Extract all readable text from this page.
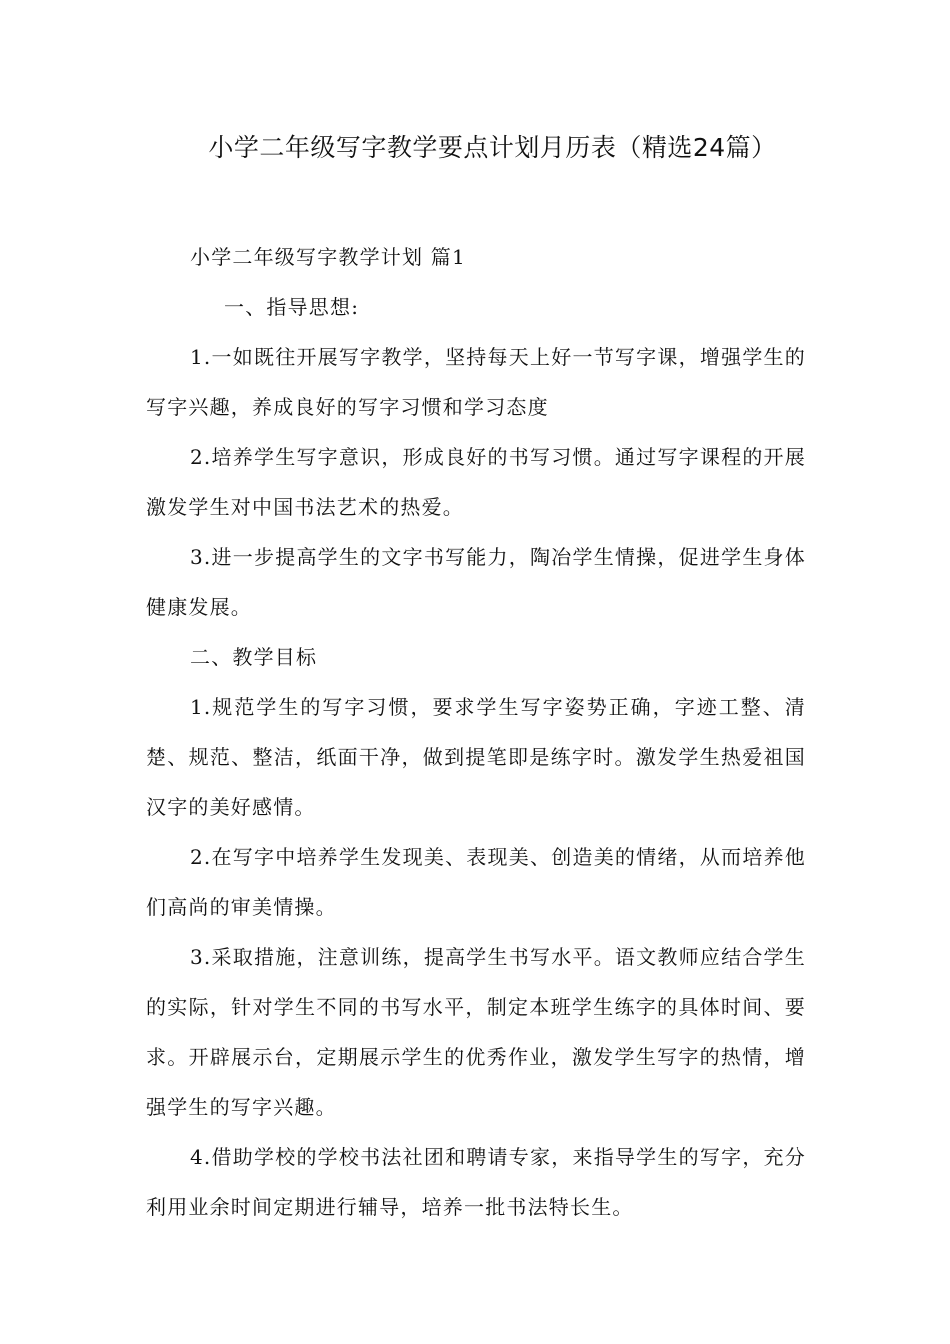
小学二年级写字教学要点计划月历表（精选24篇）

小学二年级写字教学计划 篇1

一、指导思想:

1.一如既往开展写字教学，坚持每天上好一节写字课，增强学生的写字兴趣，养成良好的写字习惯和学习态度

2.培养学生写字意识，形成良好的书写习惯。通过写字课程的开展激发学生对中国书法艺术的热爱。

3.进一步提高学生的文字书写能力，陶冶学生情操，促进学生身体健康发展。

二、教学目标

1.规范学生的写字习惯，要求学生写字姿势正确，字迹工整、清楚、规范、整洁，纸面干净，做到提笔即是练字时。激发学生热爱祖国汉字的美好感情。

2.在写字中培养学生发现美、表现美、创造美的情绪，从而培养他们高尚的审美情操。

3.采取措施，注意训练，提高学生书写水平。语文教师应结合学生的实际，针对学生不同的书写水平，制定本班学生练字的具体时间、要求。开辟展示台，定期展示学生的优秀作业，激发学生写字的热情，增强学生的写字兴趣。

4.借助学校的学校书法社团和聘请专家，来指导学生的写字，充分利用业余时间定期进行辅导，培养一批书法特长生。
